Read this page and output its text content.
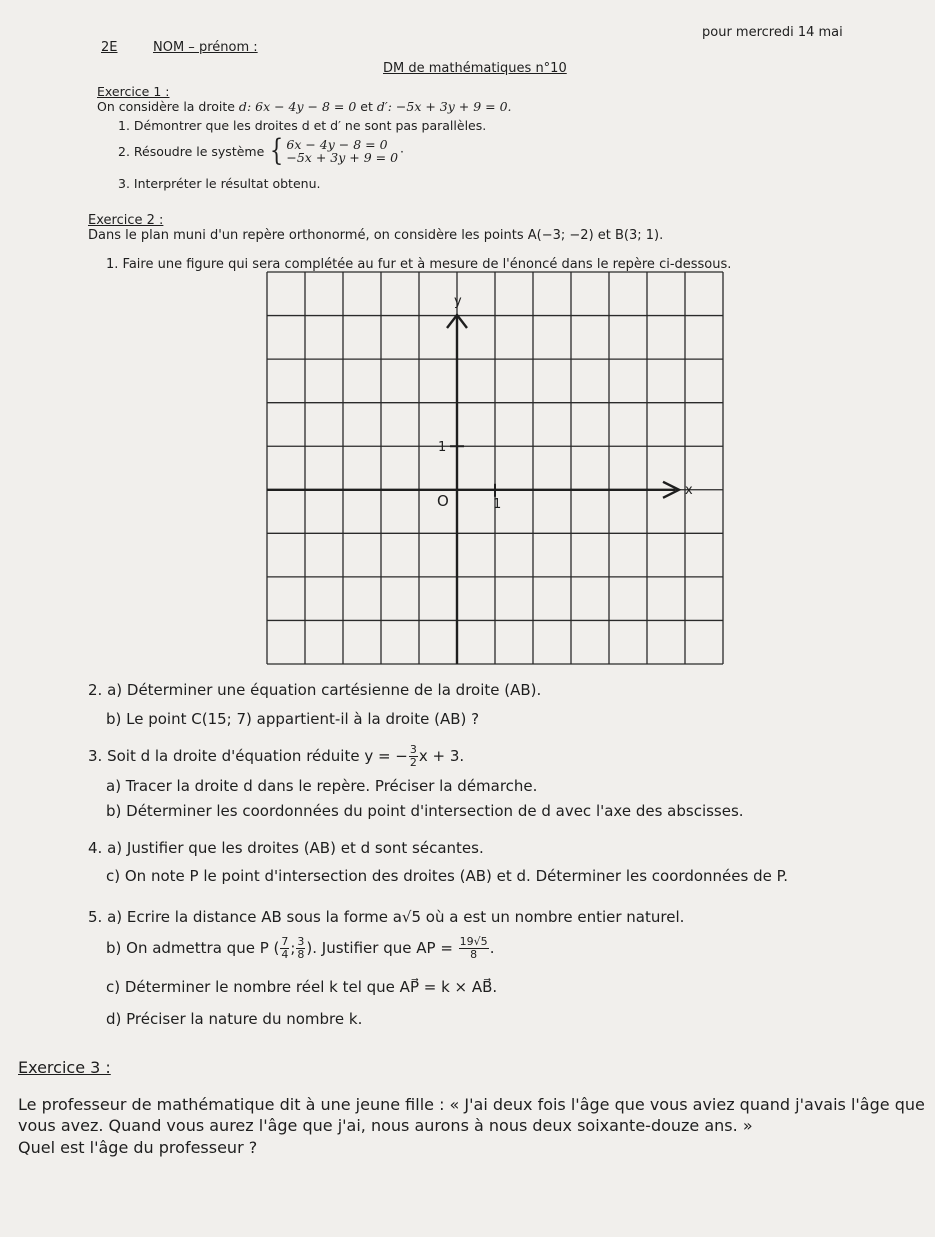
2E	NOM – prénom :
pour mercredi 14 mai
DM de mathématiques n°10
Exercice 1 :
On considère la droite d: 6x − 4y − 8 = 0 et d′: −5x + 3y + 9 = 0.
1. Démontrer que les droites d et d′ ne sont pas parallèles.
2. Résoudre le système { 6x − 4y − 8 = 0
−5x + 3y + 9 = 0 ·
3. Interpréter le résultat obtenu.
Exercice 2 :
Dans le plan muni d'un repère orthonormé, on considère les points A(−3; −2) et B(3; 1).
1. Faire une figure qui sera complétée au fur et à mesure de l'énoncé dans le repère ci-dessous.
y
x
O	1
1
2. a) Déterminer une équation cartésienne de la droite (AB).
b) Le point C(15; 7) appartient-il à la droite (AB) ?
3. Soit d la droite d'équation réduite y = − $\frac{3}{2}$ x + 3.
a) Tracer la droite d dans le repère. Préciser la démarche.
b) Déterminer les coordonnées du point d'intersection de d avec l'axe des abscisses.
4. a) Justifier que les droites (AB) et d sont sécantes.
c) On note P le point d'intersection des droites (AB) et d. Déterminer les coordonnées de P.
5. a) Ecrire la distance AB sous la forme a√5 où a est un nombre entier naturel.
b) On admettra que P ( $\frac{7}{4}$ ; $\frac{3}{8}$ ). Justifier que AP = $\frac{19√5}{8}$ .
c) Déterminer le nombre réel k tel que AP⃗ = k × AB⃗.
d) Préciser la nature du nombre k.
Exercice 3 :
Le professeur de mathématique dit à une jeune fille : « J'ai deux fois l'âge que vous aviez quand j'avais l'âge que
vous avez. Quand vous aurez l'âge que j'ai, nous aurons à nous deux soixante-douze ans. »
Quel est l'âge du professeur ?
